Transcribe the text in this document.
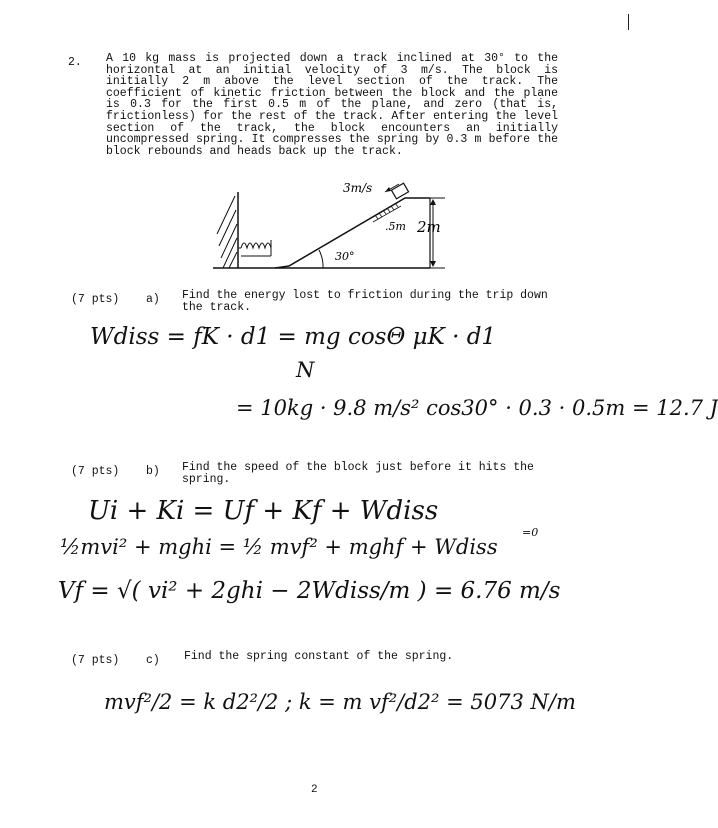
2. A 10 kg mass is projected down a track inclined at 30° to the horizontal at an initial velocity of 3 m/s. The block is initially 2 m above the level section of the track. The coefficient of kinetic friction between the block and the plane is 0.3 for the first 0.5 m of the plane, and zero (that is, frictionless) for the rest of the track. After entering the level section of the track, the block encounters an initially uncompressed spring. It compresses the spring by 0.3 m before the block rebounds and heads back up the track.

3m/s
.5m 2m
30°
(7 pts) a) Find the energy lost to friction during the trip down the track.
Wdiss = fK · d1 = mg cosΘ μK · d1
N
= 10kg · 9.8 m/s² cos30° · 0.3 · 0.5m = 12.7 J
(7 pts) b) Find the speed of the block just before it hits the spring.
Ui + Ki = Uf + Kf + Wdiss
=0
½mvi² + mghi = ½ mvf² + mghf + Wdiss
Vf = √( vi² + 2ghi − 2Wdiss/m ) = 6.76 m/s
(7 pts) c) Find the spring constant of the spring.
mvf²/2 = k d2²/2 ; k = m vf²/d2² = 5073 N/m
2
